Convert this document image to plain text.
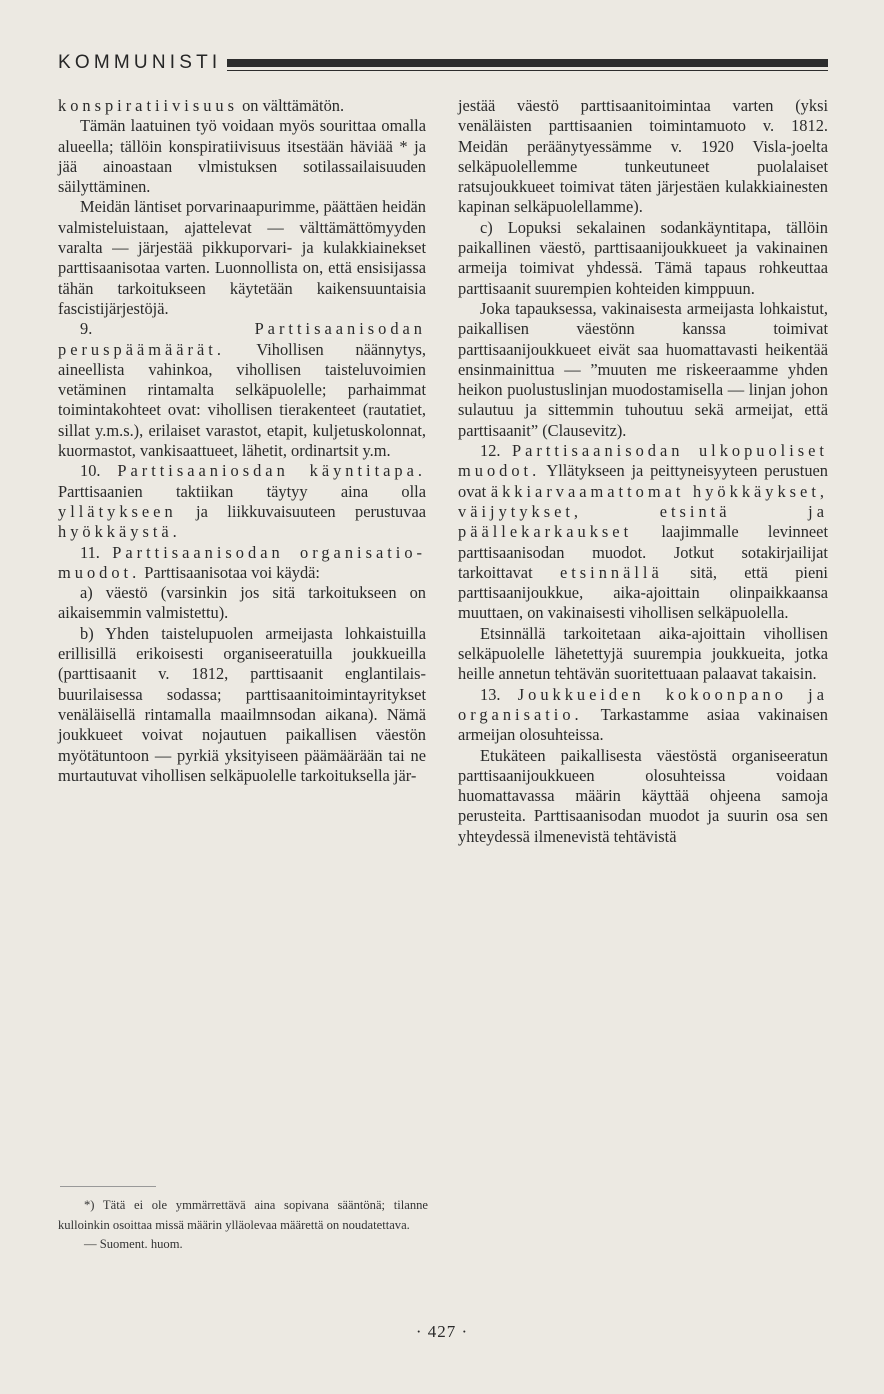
KOMMUNISTI

konspiratiivisuus on välttämätön.

Tämän laatuinen työ voidaan myös sourittaa omalla alueella; tällöin konspiratiivisuus itsestään häviää * ja jää ainoastaan vlmistuksen sotilassailaisuuden säilyttäminen.

Meidän läntiset porvarinaapurimme, päättäen heidän valmisteluistaan, ajattelevat — välttämättömyyden varalta — järjestää pikkuporvari- ja kulakkiainekset parttisaanisotaa varten. Luonnollista on, että ensisijassa tähän tarkoitukseen käytetään kaikensuuntaisia fascistijärjestöjä.

9. Parttisaanisodan peruspäämäärät. Vihollisen näännytys, aineellista vahinkoa, vihollisen taisteluvoimien vetäminen rintamalta selkäpuolelle; parhaimmat toimintakohteet ovat: vihollisen tierakenteet (rautatiet, sillat y.m.s.), erilaiset varastot, etapit, kuljetuskolonnat, kuormastot, vankisaattueet, lähetit, ordinartsit y.m.

10. Parttisaaniosdan käyntitapa. Parttisaanien taktiikan täytyy aina olla yllätykseen ja liikkuvaisuuteen perustuvaa hyökkäystä.

11. Parttisaanisodan organisatio-muodot. Parttisaanisotaa voi käydä:

a) väestö (varsinkin jos sitä tarkoitukseen on aikaisemmin valmistettu).

b) Yhden taistelupuolen armeijasta lohkaistuilla erillisillä erikoisesti organiseeratuilla joukkueilla (parttisaanit v. 1812, parttisaanit englantilais-buurilaisessa sodassa; parttisaanitoimintayritykset venäläisellä rintamalla maailmnsodan aikana). Nämä joukkueet voivat nojautuen paikallisen väestön myötätuntoon — pyrkiä yksityiseen päämäärään tai ne murtautuvat vihollisen selkäpuolelle tarkoituksella jär-

*) Tätä ei ole ymmärrettävä aina sopivana sääntönä; tilanne kulloinkin osoittaa missä määrin ylläolevaa määrettä on noudatettava.

— Suoment. huom.

jestää väestö parttisaanitoimintaa varten (yksi venäläisten parttisaanien toimintamuoto v. 1812. Meidän peräänytyessämme v. 1920 Visla-joelta selkäpuolellemme tunkeutuneet puolalaiset ratsujoukkueet toimivat täten järjestäen kulakkiainesten kapinan selkäpuolellamme).

c) Lopuksi sekalainen sodankäyntitapa, tällöin paikallinen väestö, parttisaanijoukkueet ja vakinainen armeija toimivat yhdessä. Tämä tapaus rohkeuttaa parttisaanit suurempien kohteiden kimppuun.

Joka tapauksessa, vakinaisesta armeijasta lohkaistut, paikallisen väestönn kanssa toimivat parttisaanijoukkueet eivät saa huomattavasti heikentää ensinmainittua — ”muuten me riskeeraamme yhden heikon puolustuslinjan muodostamisella — linjan johon sulautuu ja sittemmin tuhoutuu sekä armeijat, että parttisaanit” (Clausevitz).

12. Parttisaanisodan ulkopuoliset muodot. Yllätykseen ja peittyneisyyteen perustuen ovat äkkiarvaamattomat hyökkäykset, väijytykset, etsintä ja päällekarkaukset laajimmalle levinneet parttisaanisodan muodot. Jotkut sotakirjailijat tarkoittavat etsinnällä sitä, että pieni parttisaanijoukkue, aika-ajoittain olinpaikkaansa muuttaen, on vakinaisesti vihollisen selkäpuolella.

Etsinnällä tarkoitetaan aika-ajoittain vihollisen selkäpuolelle lähetettyjä suurempia joukkueita, jotka heille annetun tehtävän suoritettuaan palaavat takaisin.

13. Joukkueiden kokoonpano ja organisatio. Tarkastamme asiaa vakinaisen armeijan olosuhteissa.

Etukäteen paikallisesta väestöstä organiseeratun parttisaanijoukkueen olosuhteissa voidaan huomattavassa määrin käyttää ohjeena samoja perusteita. Parttisaanisodan muodot ja suurin osa sen yhteydessä ilmenevistä tehtävistä

· 427 ·
